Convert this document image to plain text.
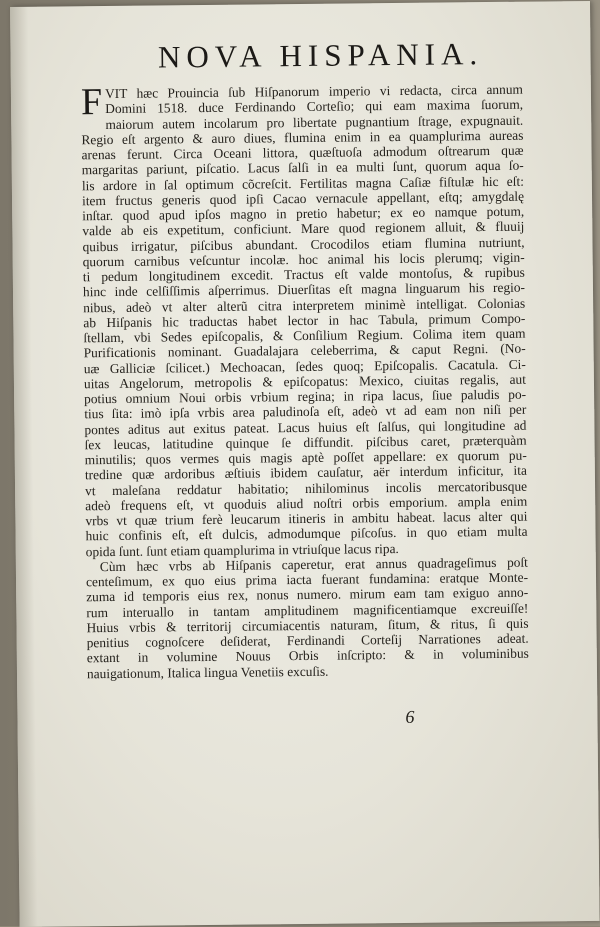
NOVA HISPANIA.
F VIT hæc Prouincia ſub Hiſpanorum imperio vi redacta, circa annum
Domini 1518. duce Ferdinando Corteſio; qui eam maxima ſuorum,
maiorum autem incolarum pro libertate pugnantium ſtrage, expugnauit.
Regio eſt argento & auro diues, flumina enim in ea quamplurima aureas
arenas ferunt. Circa Oceani littora, quæſtuoſa admodum oſtrearum quæ
margaritas pariunt, piſcatio. Lacus ſalſi in ea multi ſunt, quorum aqua ſo-
lis ardore in ſal optimum cõcreſcit. Fertilitas magna Caſiæ fiſtulæ hic eſt:
item fructus generis quod ipſi Cacao vernacule appellant, eſtq; amygdalę
inſtar. quod apud ipſos magno in pretio habetur; ex eo namque potum,
valde ab eis expetitum, conficiunt. Mare quod regionem alluit, & fluuij
quibus irrigatur, piſcibus abundant. Crocodilos etiam flumina nutriunt,
quorum carnibus veſcuntur incolæ. hoc animal his locis plerumq; vigin-
ti pedum longitudinem excedit. Tractus eſt valde montoſus, & rupibus
hinc inde celſiſſimis aſperrimus. Diuerſitas eſt magna linguarum his regio-
nibus, adeò vt alter alterũ citra interpretem minimè intelligat. Colonias
ab Hiſpanis hic traductas habet lector in hac Tabula, primum Compo-
ſtellam, vbi Sedes epiſcopalis, & Conſilium Regium. Colima item quam
Purificationis nominant. Guadalajara celeberrima, & caput Regni. (No-
uæ Galliciæ ſcilicet.) Mechoacan, ſedes quoq; Epiſcopalis. Cacatula. Ci-
uitas Angelorum, metropolis & epiſcopatus: Mexico, ciuitas regalis, aut
potius omnium Noui orbis vrbium regina; in ripa lacus, ſiue paludis po-
tius ſita: imò ipſa vrbis area paludinoſa eſt, adeò vt ad eam non niſi per
pontes aditus aut exitus pateat. Lacus huius eſt ſalſus, qui longitudine ad
ſex leucas, latitudine quinque ſe diffundit. piſcibus caret, præterquàm
minutilis; quos vermes quis magis aptè poſſet appellare: ex quorum pu-
tredine quæ ardoribus æſtiuis ibidem cauſatur, aër interdum inficitur, ita
vt maleſana reddatur habitatio; nihilominus incolis mercatoribusque
adeò frequens eſt, vt quoduis aliud noſtri orbis emporium. ampla enim
vrbs vt quæ trium ferè leucarum itineris in ambitu habeat. lacus alter qui
huic confinis eſt, eſt dulcis, admodumque piſcoſus. in quo etiam multa
opida ſunt. ſunt etiam quamplurima in vtriuſque lacus ripa.
Cùm hæc vrbs ab Hiſpanis caperetur, erat annus quadrageſimus poſt
centeſimum, ex quo eius prima iacta fuerant fundamina: eratque Monte-
zuma id temporis eius rex, nonus numero. mirum eam tam exiguo anno-
rum interuallo in tantam amplitudinem magnificentiamque excreuiſſe!
Huius vrbis & territorij circumiacentis naturam, ſitum, & ritus, ſi quis
penitius cognoſcere deſiderat, Ferdinandi Corteſij Narrationes adeat.
extant in volumine Nouus Orbis inſcripto: & in voluminibus
nauigationum, Italica lingua Venetiis excuſis.
6
